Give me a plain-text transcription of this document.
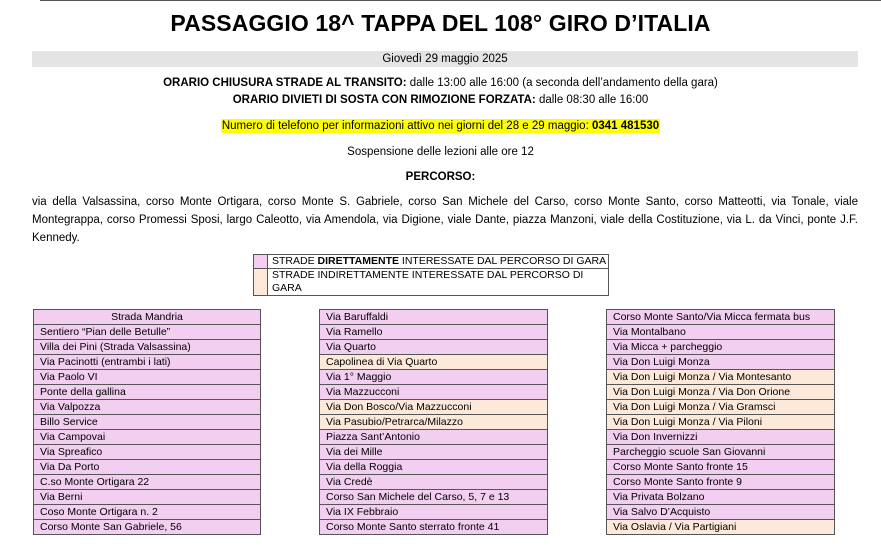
PASSAGGIO 18^ TAPPA DEL 108° GIRO D’ITALIA
Giovedì 29 maggio 2025
ORARIO CHIUSURA STRADE AL TRANSITO: dalle 13:00 alle 16:00 (a seconda dell’andamento della gara)
ORARIO DIVIETI DI SOSTA CON RIMOZIONE FORZATA: dalle 08:30 alle 16:00
Numero di telefono per informazioni attivo nei giorni del 28 e 29 maggio: 0341 481530
Sospensione delle lezioni alle ore 12
PERCORSO:
via della Valsassina, corso Monte Ortigara, corso Monte S. Gabriele, corso San Michele del Carso, corso Monte Santo, corso Matteotti, via Tonale, viale Montegrappa, corso Promessi Sposi, largo Caleotto, via Amendola, via Digione, viale Dante, piazza Manzoni, viale della Costituzione, via L. da Vinci, ponte J.F. Kennedy.
	STRADE DIRETTAMENTE INTERESSATE DAL PERCORSO DI GARA
	STRADE INDIRETTAMENTE INTERESSATE DAL PERCORSO DI GARA
Strada Mandria
Sentiero “Pian delle Betulle”
Villa dei Pini (Strada Valsassina)
Via Pacinotti (entrambi i lati)
Via Paolo VI
Ponte della gallina
Via Valpozza
Billo Service
Via Campovai
Via Spreafico
Via Da Porto
C.so Monte Ortigara 22
Via Berni
Coso Monte Ortigara n. 2
Corso Monte San Gabriele, 56
Via Baruffaldi
Via Ramello
Via Quarto
Capolinea di Via Quarto
Via 1° Maggio
Via Mazzucconi
Via Don Bosco/Via Mazzucconi
Via Pasubio/Petrarca/Milazzo
Piazza Sant’Antonio
Via dei Mille
Via della Roggia
Via Credè
Corso San Michele del Carso, 5, 7 e 13
Via IX Febbraio
Corso Monte Santo sterrato fronte 41
Corso Monte Santo/Via Micca fermata bus
Via Montalbano
Via Micca + parcheggio
Via Don Luigi Monza
Via Don Luigi Monza / Via Montesanto
Via Don Luigi Monza / Via Don Orione
Via Don Luigi Monza / Via Gramsci
Via Don Luigi Monza / Via Piloni
Via Don Invernizzi
Parcheggio scuole San Giovanni
Corso Monte Santo fronte 15
Corso Monte Santo fronte 9
Via Privata Bolzano
Via Salvo D’Acquisto
Via Oslavia / Via Partigiani
